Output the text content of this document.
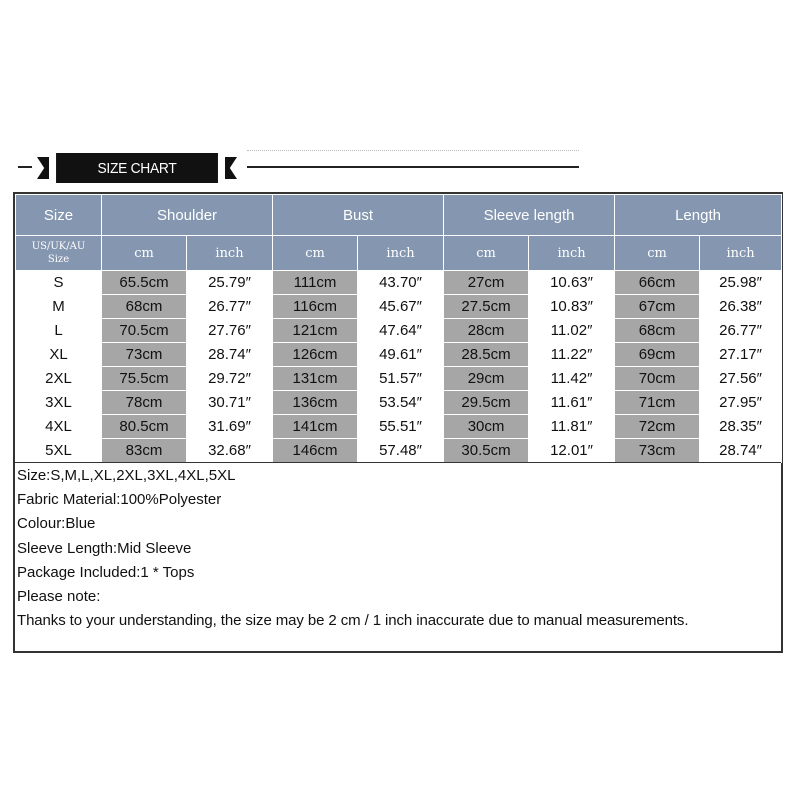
SIZE CHART
Size	Shoulder		Bust		Sleeve length		Length	

US/UK/AU
Size	cm	inch	cm	inch	cm	inch	cm	inch
S	65.5cm	25.79″	111cm	43.70″	27cm	10.63″	66cm	25.98″
M	68cm	26.77″	116cm	45.67″	27.5cm	10.83″	67cm	26.38″
L	70.5cm	27.76″	121cm	47.64″	28cm	11.02″	68cm	26.77″
XL	73cm	28.74″	126cm	49.61″	28.5cm	11.22″	69cm	27.17″
2XL	75.5cm	29.72″	131cm	51.57″	29cm	11.42″	70cm	27.56″
3XL	78cm	30.71″	136cm	53.54″	29.5cm	11.61″	71cm	27.95″
4XL	80.5cm	31.69″	141cm	55.51″	30cm	11.81″	72cm	28.35″
5XL	83cm	32.68″	146cm	57.48″	30.5cm	12.01″	73cm	28.74″
Size:S,M,L,XL,2XL,3XL,4XL,5XL
Fabric Material:100%Polyester
Colour:Blue
Sleeve Length:Mid Sleeve
Package Included:1 * Tops
Please note:
Thanks to your understanding, the size may be 2 cm / 1 inch inaccurate due to manual measurements.
